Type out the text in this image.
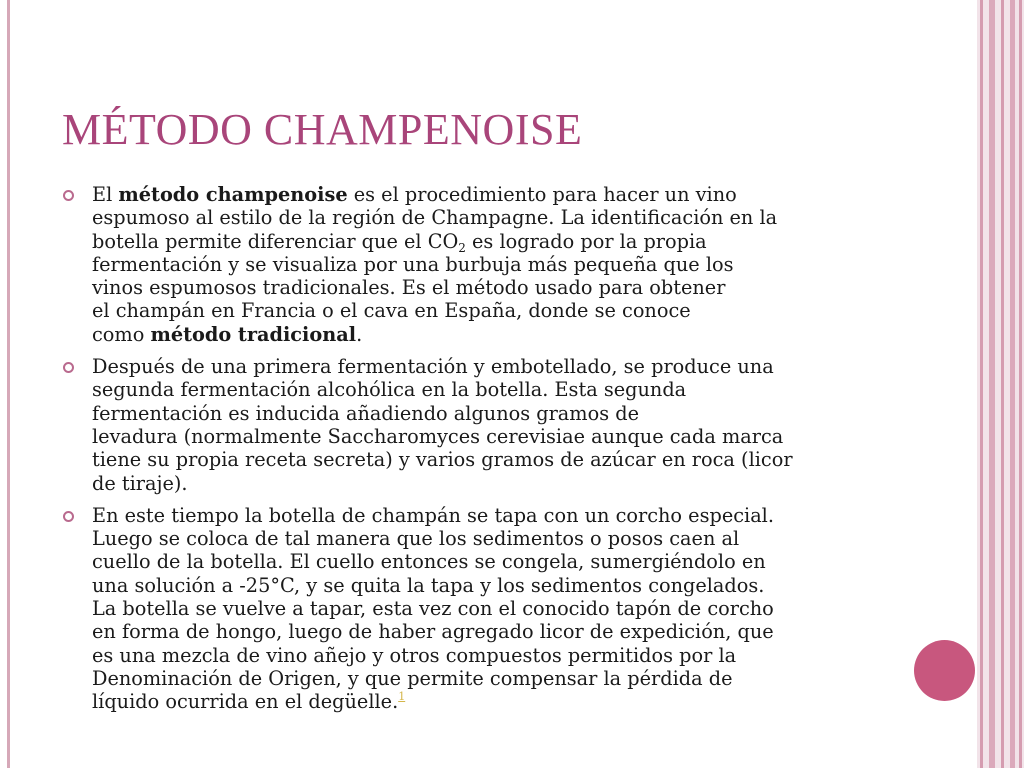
MÉTODO CHAMPENOISE
El método champenoise es el procedimiento para hacer un vino
espumoso al estilo de la región de Champagne. La identificación en la
botella permite diferenciar que el $CO_2$ es logrado por la propia
fermentación y se visualiza por una burbuja más pequeña que los
vinos espumosos tradicionales. Es el método usado para obtener
el champán en Francia o el cava en España, donde se conoce
como método tradicional.
Después de una primera fermentación y embotellado, se produce una
segunda fermentación alcohólica en la botella. Esta segunda
fermentación es inducida añadiendo algunos gramos de
levadura (normalmente Saccharomyces cerevisiae aunque cada marca
tiene su propia receta secreta) y varios gramos de azúcar en roca (licor
de tiraje).
En este tiempo la botella de champán se tapa con un corcho especial.
Luego se coloca de tal manera que los sedimentos o posos caen al
cuello de la botella. El cuello entonces se congela, sumergiéndolo en
una solución a -25°C, y se quita la tapa y los sedimentos congelados.
La botella se vuelve a tapar, esta vez con el conocido tapón de corcho
en forma de hongo, luego de haber agregado licor de expedición, que
es una mezcla de vino añejo y otros compuestos permitidos por la
Denominación de Origen, y que permite compensar la pérdida de
líquido ocurrida en el degüelle.$^1$
